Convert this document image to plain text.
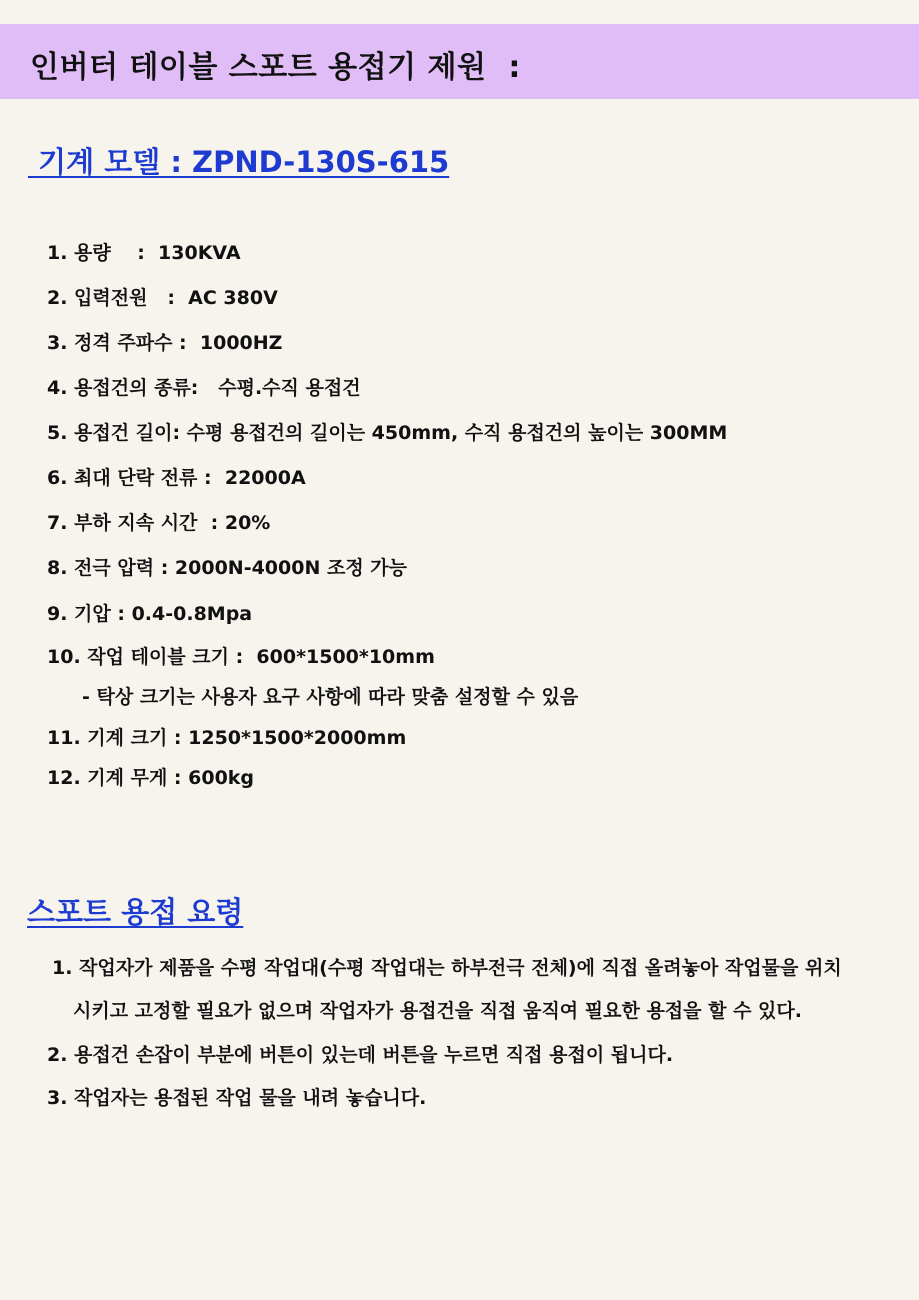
인버터 테이블 스포트 용접기 제원  :
기계 모델 : ZPND-130S-615
1. 용량    :  130KVA
2. 입력전원   :  AC 380V
3. 정격 주파수 :  1000HZ
4. 용접건의 종류:   수평.수직 용접건
5. 용접건 길이: 수평 용접건의 길이는 450mm, 수직 용접건의 높이는 300MM
6. 최대 단락 전류 :  22000A
7. 부하 지속 시간  : 20%
8. 전극 압력 : 2000N-4000N 조정 가능
9. 기압 : 0.4-0.8Mpa
10. 작업 테이블 크기 :  600*1500*10mm
- 탁상 크기는 사용자 요구 사항에 따라 맞춤 설정할 수 있음
11. 기계 크기 : 1250*1500*2000mm
12. 기계 무게 : 600kg
스포트 용접 요령
1. 작업자가 제품을 수평 작업대(수평 작업대는 하부전극 전체)에 직접 올려놓아 작업물을 위치
시키고 고정할 필요가 없으며 작업자가 용접건을 직접 움직여 필요한 용접을 할 수 있다.
2. 용접건 손잡이 부분에 버튼이 있는데 버튼을 누르면 직접 용접이 됩니다.
3. 작업자는 용접된 작업 물을 내려 놓습니다.
